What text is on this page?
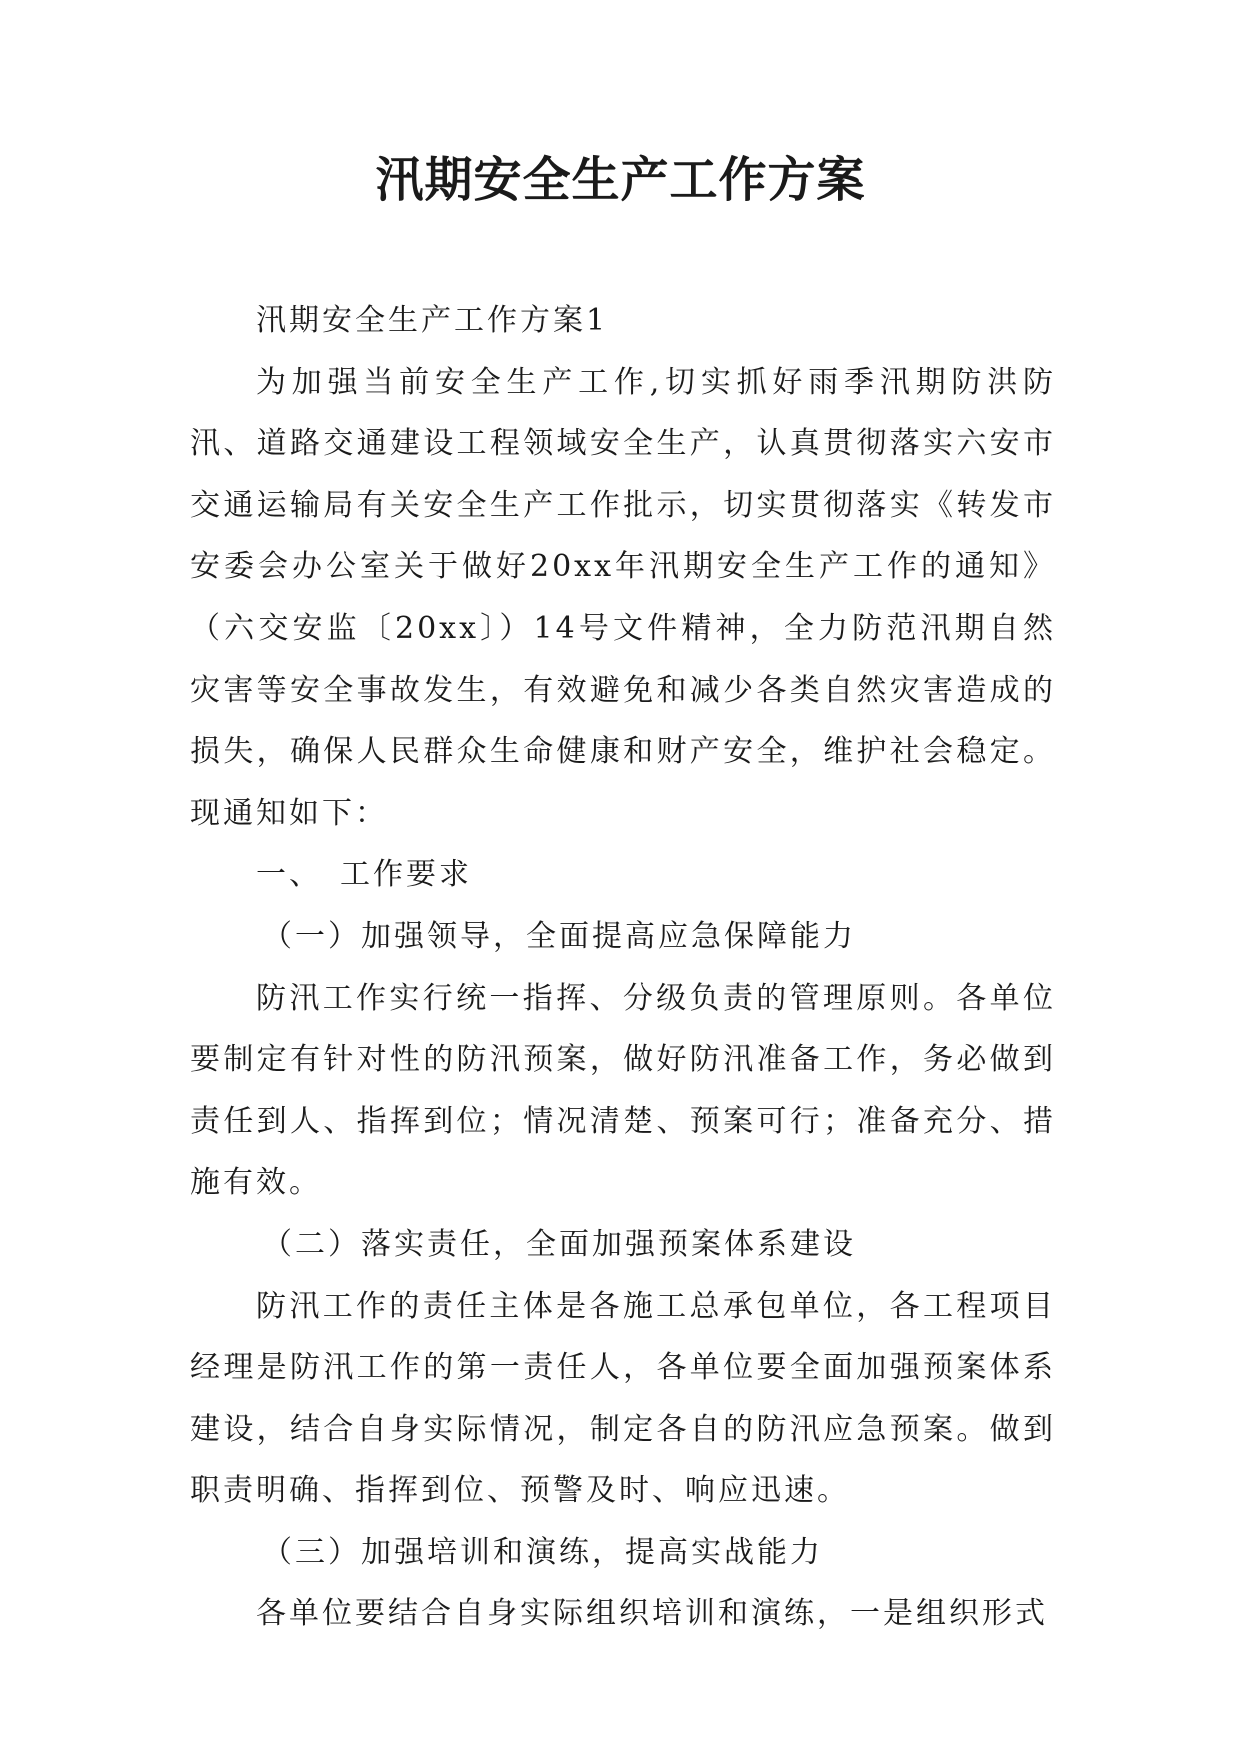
汛期安全生产工作方案

汛期安全生产工作方案1

为加强当前安全生产工作,切实抓好雨季汛期防洪防汛、道路交通建设工程领域安全生产，认真贯彻落实六安市交通运输局有关安全生产工作批示，切实贯彻落实《转发市安委会办公室关于做好20xx年汛期安全生产工作的通知》（六交安监〔20xx〕）14号文件精神，全力防范汛期自然灾害等安全事故发生，有效避免和减少各类自然灾害造成的损失，确保人民群众生命健康和财产安全，维护社会稳定。现通知如下：

一、　工作要求

（一）加强领导，全面提高应急保障能力

防汛工作实行统一指挥、分级负责的管理原则。各单位要制定有针对性的防汛预案，做好防汛准备工作，务必做到责任到人、指挥到位；情况清楚、预案可行；准备充分、措施有效。

（二）落实责任，全面加强预案体系建设

防汛工作的责任主体是各施工总承包单位，各工程项目经理是防汛工作的第一责任人，各单位要全面加强预案体系建设，结合自身实际情况，制定各自的防汛应急预案。做到职责明确、指挥到位、预警及时、响应迅速。

（三）加强培训和演练，提高实战能力

各单位要结合自身实际组织培训和演练，一是组织形式
